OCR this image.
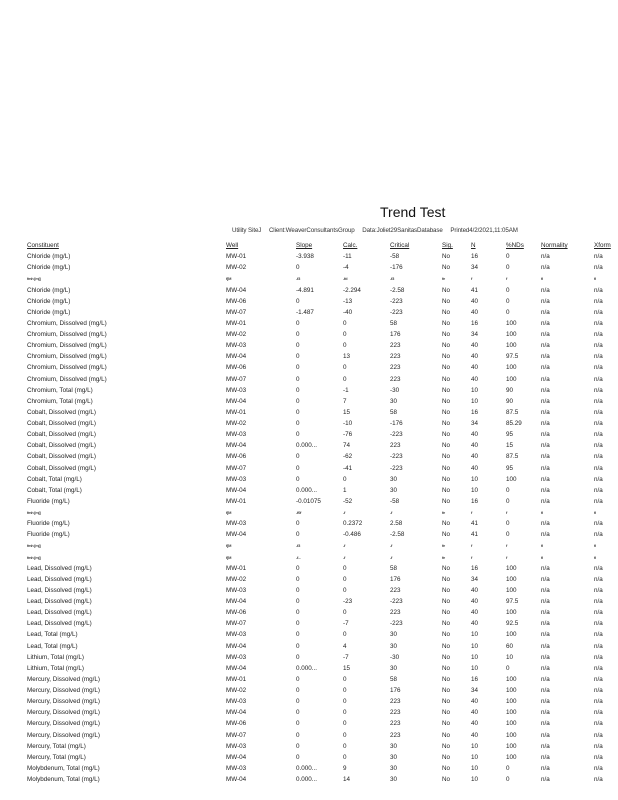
Trend Test
Utility SiteJ Client:WeaverConsultantsGroup Data:Joliet29SanitasDatabase Printed4/2/2021,11:05AM
Constituent	Well	Slope	Calc.	Critical	Sig.	N	%NDs	Normality	Xform
Chloride (mg/L)	MW-01	-3.938	-11	-58	No	16	0	n/a	n/a
Chloride (mg/L)	MW-02	0	-4	-176	No	34	0	n/a	n/a
fmh [mj]	f[M	-f3	-fd	-f3	fe	f	f	fi	fi
Chloride (mg/L)	MW-04	-4.891	-2.294	-2.58	No	41	0	n/a	n/a
Chloride (mg/L)	MW-06	0	-13	-223	No	40	0	n/a	n/a
Chloride (mg/L)	MW-07	-1.487	-40	-223	No	40	0	n/a	n/a
Chromium, Dissolved (mg/L)	MW-01	0	0	58	No	16	100	n/a	n/a
Chromium, Dissolved (mg/L)	MW-02	0	0	176	No	34	100	n/a	n/a
Chromium, Dissolved (mg/L)	MW-03	0	0	223	No	40	100	n/a	n/a
Chromium, Dissolved (mg/L)	MW-04	0	13	223	No	40	97.5	n/a	n/a
Chromium, Dissolved (mg/L)	MW-06	0	0	223	No	40	100	n/a	n/a
Chromium, Dissolved (mg/L)	MW-07	0	0	223	No	40	100	n/a	n/a
Chromium, Total (mg/L)	MW-03	0	-1	-30	No	10	90	n/a	n/a
Chromium, Total (mg/L)	MW-04	0	7	30	No	10	90	n/a	n/a
Cobalt, Dissolved (mg/L)	MW-01	0	15	58	No	16	87.5	n/a	n/a
Cobalt, Dissolved (mg/L)	MW-02	0	-10	-176	No	34	85.29	n/a	n/a
Cobalt, Dissolved (mg/L)	MW-03	0	-76	-223	No	40	95	n/a	n/a
Cobalt, Dissolved (mg/L)	MW-04	0.000...	74	223	No	40	15	n/a	n/a
Cobalt, Dissolved (mg/L)	MW-06	0	-62	-223	No	40	87.5	n/a	n/a
Cobalt, Dissolved (mg/L)	MW-07	0	-41	-223	No	40	95	n/a	n/a
Cobalt, Total (mg/L)	MW-03	0	0	30	No	10	100	n/a	n/a
Cobalt, Total (mg/L)	MW-04	0.000...	1	30	No	10	0	n/a	n/a
Fluoride (mg/L)	MW-01	-0.01075	-52	-58	No	16	0	n/a	n/a
fmh [mj]	f[M	-f0f	-f	-f	fe	f	f	fi	fi
Fluoride (mg/L)	MW-03	0	0.2372	2.58	No	41	0	n/a	n/a
Fluoride (mg/L)	MW-04	0	-0.486	-2.58	No	41	0	n/a	n/a
fmh [mj]	f[M	-f3	-f	-f	fe	f	f	fi	fi
fmh [mj]	f[M	-f...	-f	-f	fe	f	f	fi	fi
Lead, Dissolved (mg/L)	MW-01	0	0	58	No	16	100	n/a	n/a
Lead, Dissolved (mg/L)	MW-02	0	0	176	No	34	100	n/a	n/a
Lead, Dissolved (mg/L)	MW-03	0	0	223	No	40	100	n/a	n/a
Lead, Dissolved (mg/L)	MW-04	0	-23	-223	No	40	97.5	n/a	n/a
Lead, Dissolved (mg/L)	MW-06	0	0	223	No	40	100	n/a	n/a
Lead, Dissolved (mg/L)	MW-07	0	-7	-223	No	40	92.5	n/a	n/a
Lead, Total (mg/L)	MW-03	0	0	30	No	10	100	n/a	n/a
Lead, Total (mg/L)	MW-04	0	4	30	No	10	60	n/a	n/a
Lithium, Total (mg/L)	MW-03	0	-7	-30	No	10	10	n/a	n/a
Lithium, Total (mg/L)	MW-04	0.000...	15	30	No	10	0	n/a	n/a
Mercury, Dissolved (mg/L)	MW-01	0	0	58	No	16	100	n/a	n/a
Mercury, Dissolved (mg/L)	MW-02	0	0	176	No	34	100	n/a	n/a
Mercury, Dissolved (mg/L)	MW-03	0	0	223	No	40	100	n/a	n/a
Mercury, Dissolved (mg/L)	MW-04	0	0	223	No	40	100	n/a	n/a
Mercury, Dissolved (mg/L)	MW-06	0	0	223	No	40	100	n/a	n/a
Mercury, Dissolved (mg/L)	MW-07	0	0	223	No	40	100	n/a	n/a
Mercury, Total (mg/L)	MW-03	0	0	30	No	10	100	n/a	n/a
Mercury, Total (mg/L)	MW-04	0	0	30	No	10	100	n/a	n/a
Molybdenum, Total (mg/L)	MW-03	0.000...	9	30	No	10	0	n/a	n/a
Molybdenum, Total (mg/L)	MW-04	0.000...	14	30	No	10	0	n/a	n/a
